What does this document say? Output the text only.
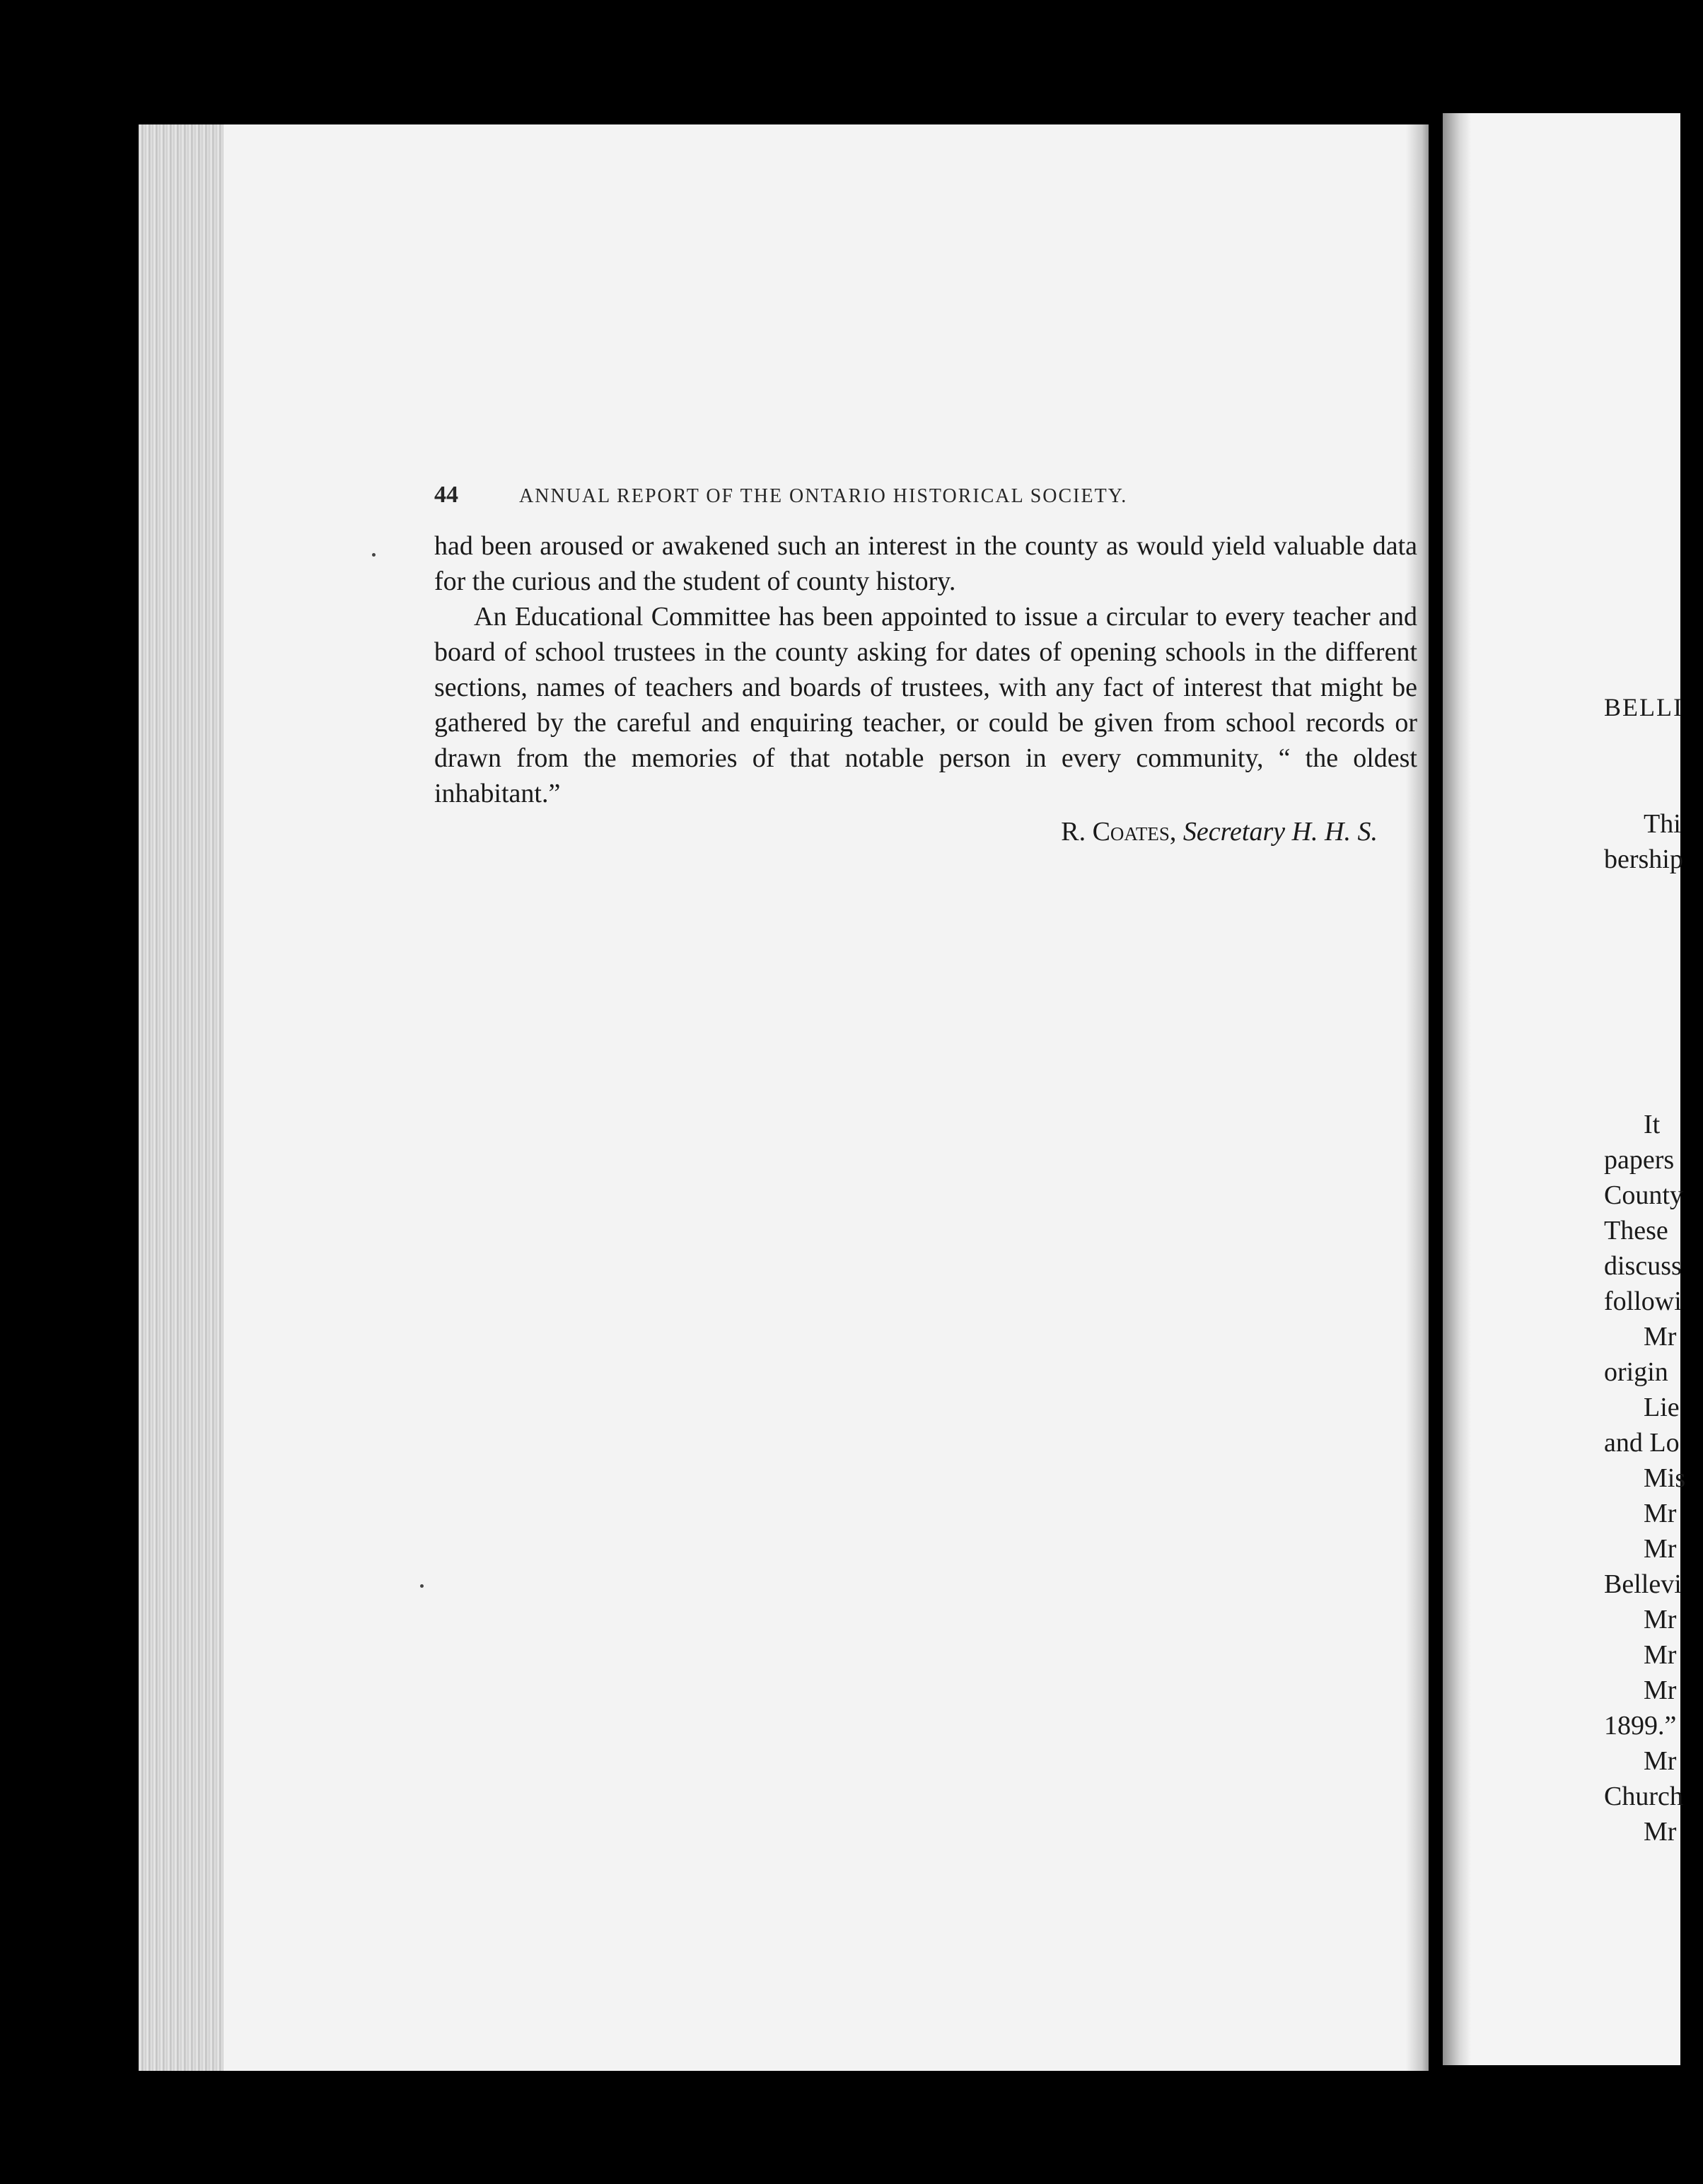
44	ANNUAL REPORT OF THE ONTARIO HISTORICAL SOCIETY.

had been aroused or awakened such an interest in the county as would yield valuable data for the curious and the student of county history.

An Educational Committee has been appointed to issue a circular to every teacher and board of school trustees in the county asking for dates of opening schools in the different sections, names of teachers and boards of trustees, with any fact of interest that might be gathered by the careful and enquiring teacher, or could be given from school records or drawn from the memories of that notable person in every community, “ the oldest inhabitant.”

R. Coates, Secretary H. H. S.
BELLI
Thi
bership
It
papers
County
These
discuss
followi
Mr
origin
Lie
and Lo
Mis
Mr
Mr
Bellevi
Mr
Mr
Mr
1899.”
Mr
Church
Mr
